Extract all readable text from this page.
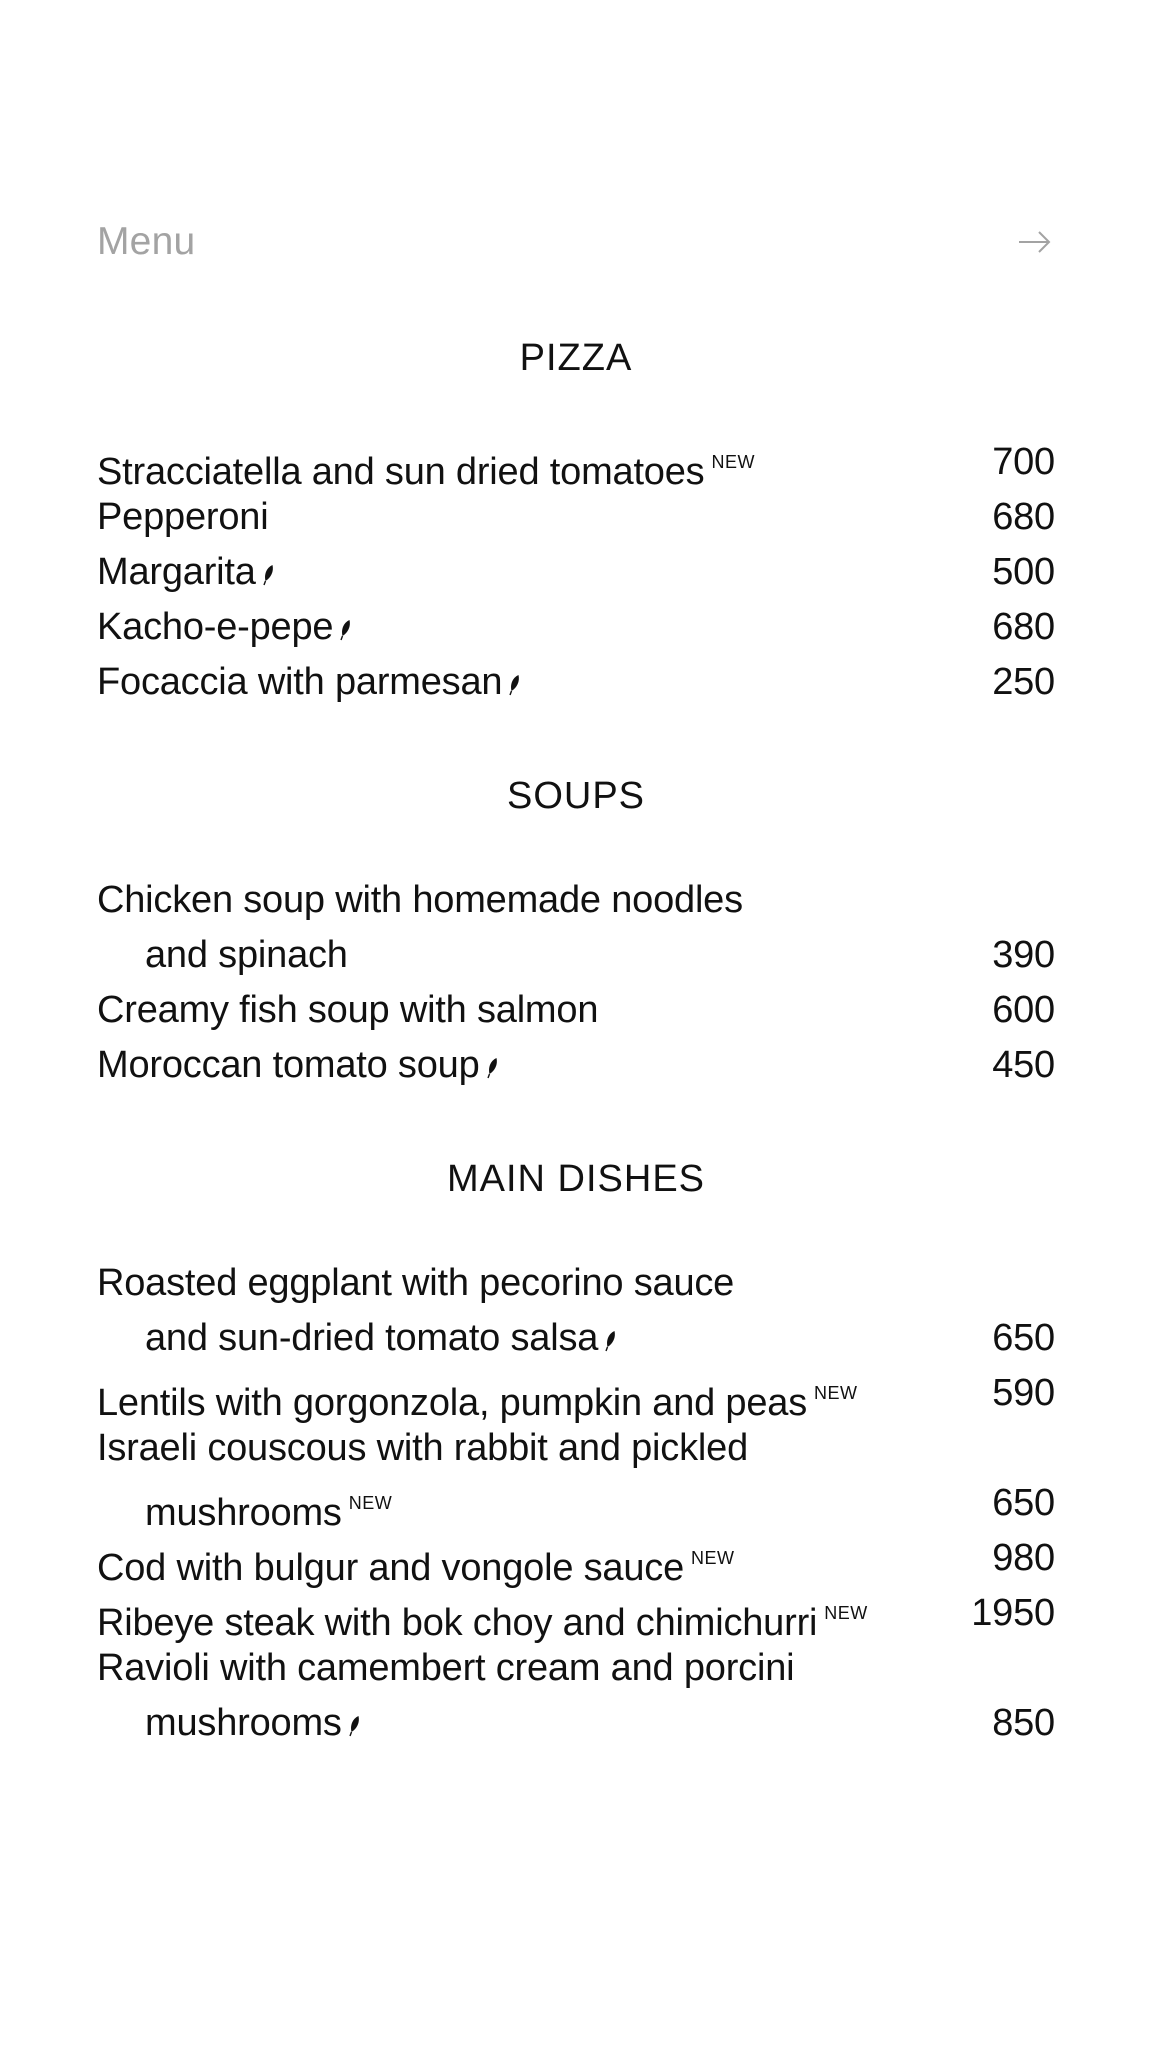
Menu
PIZZA
Stracciatella and sun dried tomatoes $^{NEW}$	700
Pepperoni	680
Margarita	500
Kacho-e-pepe	680
Focaccia with parmesan	250
SOUPS
Chicken soup with homemade noodles
and spinach	390
Creamy fish soup with salmon	600
Moroccan tomato soup	450
MAIN DISHES
Roasted eggplant with pecorino sauce
and sun-dried tomato salsa	650
Lentils with gorgonzola, pumpkin and peas $^{NEW}$	590
Israeli couscous with rabbit and pickled
mushrooms $^{NEW}$	650
Cod with bulgur and vongole sauce $^{NEW}$	980
Ribeye steak with bok choy and chimichurri $^{NEW}$	1950
Ravioli with camembert cream and porcini
mushrooms	850
